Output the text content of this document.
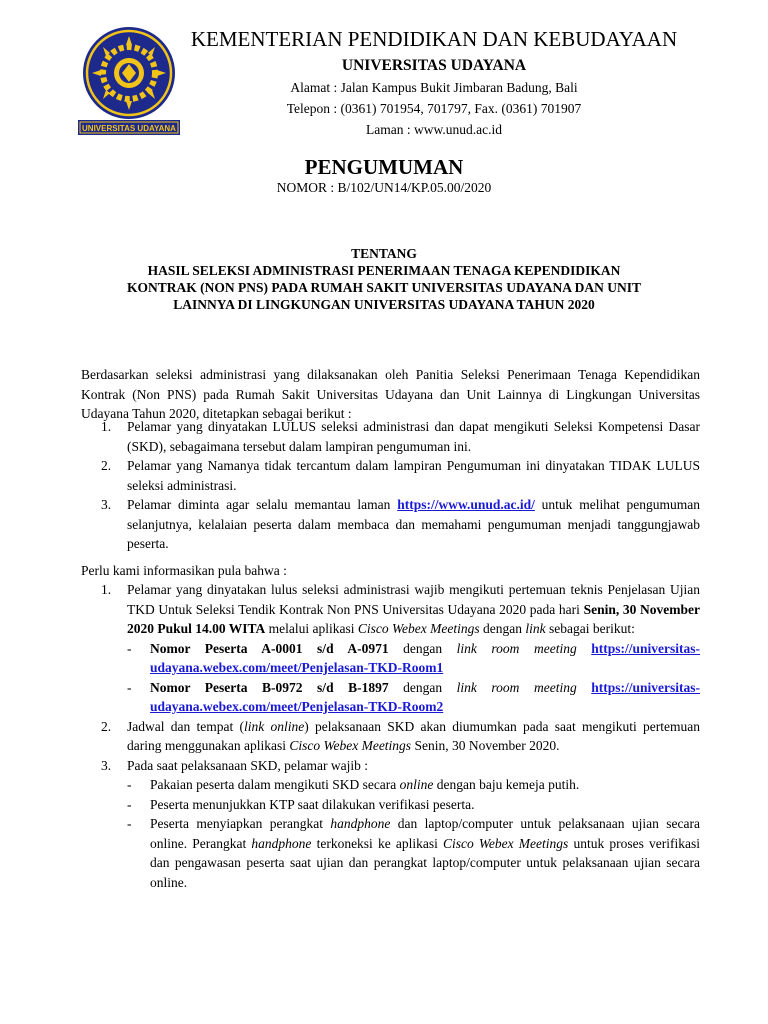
UNIVERSITAS UDAYANA
KEMENTERIAN PENDIDIKAN DAN KEBUDAYAAN
UNIVERSITAS UDAYANA
Alamat : Jalan Kampus Bukit Jimbaran Badung, Bali
Telepon : (0361) 701954, 701797, Fax. (0361) 701907
Laman : www.unud.ac.id
PENGUMUMAN
NOMOR : B/102/UN14/KP.05.00/2020
TENTANG
HASIL SELEKSI ADMINISTRASI PENERIMAAN TENAGA KEPENDIDIKAN
KONTRAK (NON PNS) PADA RUMAH SAKIT UNIVERSITAS UDAYANA DAN UNIT
LAINNYA DI LINGKUNGAN UNIVERSITAS UDAYANA TAHUN 2020
Berdasarkan seleksi administrasi yang dilaksanakan oleh Panitia Seleksi Penerimaan Tenaga Kependidikan Kontrak (Non PNS) pada Rumah Sakit Universitas Udayana dan Unit Lainnya di Lingkungan Universitas Udayana Tahun 2020, ditetapkan sebagai berikut :
1. Pelamar yang dinyatakan LULUS seleksi administrasi dan dapat mengikuti Seleksi Kompetensi Dasar (SKD), sebagaimana tersebut dalam lampiran pengumuman ini.
2. Pelamar yang Namanya tidak tercantum dalam lampiran Pengumuman ini dinyatakan TIDAK LULUS seleksi administrasi.
3. Pelamar diminta agar selalu memantau laman https://www.unud.ac.id/ untuk melihat pengumuman selanjutnya, kelalaian peserta dalam membaca dan memahami pengumuman menjadi tanggungjawab peserta.
Perlu kami informasikan pula bahwa :
1. Pelamar yang dinyatakan lulus seleksi administrasi wajib mengikuti pertemuan teknis Penjelasan Ujian TKD Untuk Seleksi Tendik Kontrak Non PNS Universitas Udayana 2020 pada hari Senin, 30 November 2020 Pukul 14.00 WITA melalui aplikasi Cisco Webex Meetings dengan link sebagai berikut:
- Nomor Peserta A-0001 s/d A-0971 dengan link room meeting https://universitas-udayana.webex.com/meet/Penjelasan-TKD-Room1
- Nomor Peserta B-0972 s/d B-1897 dengan link room meeting https://universitas-udayana.webex.com/meet/Penjelasan-TKD-Room2
2. Jadwal dan tempat (link online) pelaksanaan SKD akan diumumkan pada saat mengikuti pertemuan daring menggunakan aplikasi Cisco Webex Meetings Senin, 30 November 2020.
3. Pada saat pelaksanaan SKD, pelamar wajib :
- Pakaian peserta dalam mengikuti SKD secara online dengan baju kemeja putih.
- Peserta menunjukkan KTP saat dilakukan verifikasi peserta.
- Peserta menyiapkan perangkat handphone dan laptop/computer untuk pelaksanaan ujian secara online. Perangkat handphone terkoneksi ke aplikasi Cisco Webex Meetings untuk proses verifikasi dan pengawasan peserta saat ujian dan perangkat laptop/computer untuk pelaksanaan ujian secara online.
